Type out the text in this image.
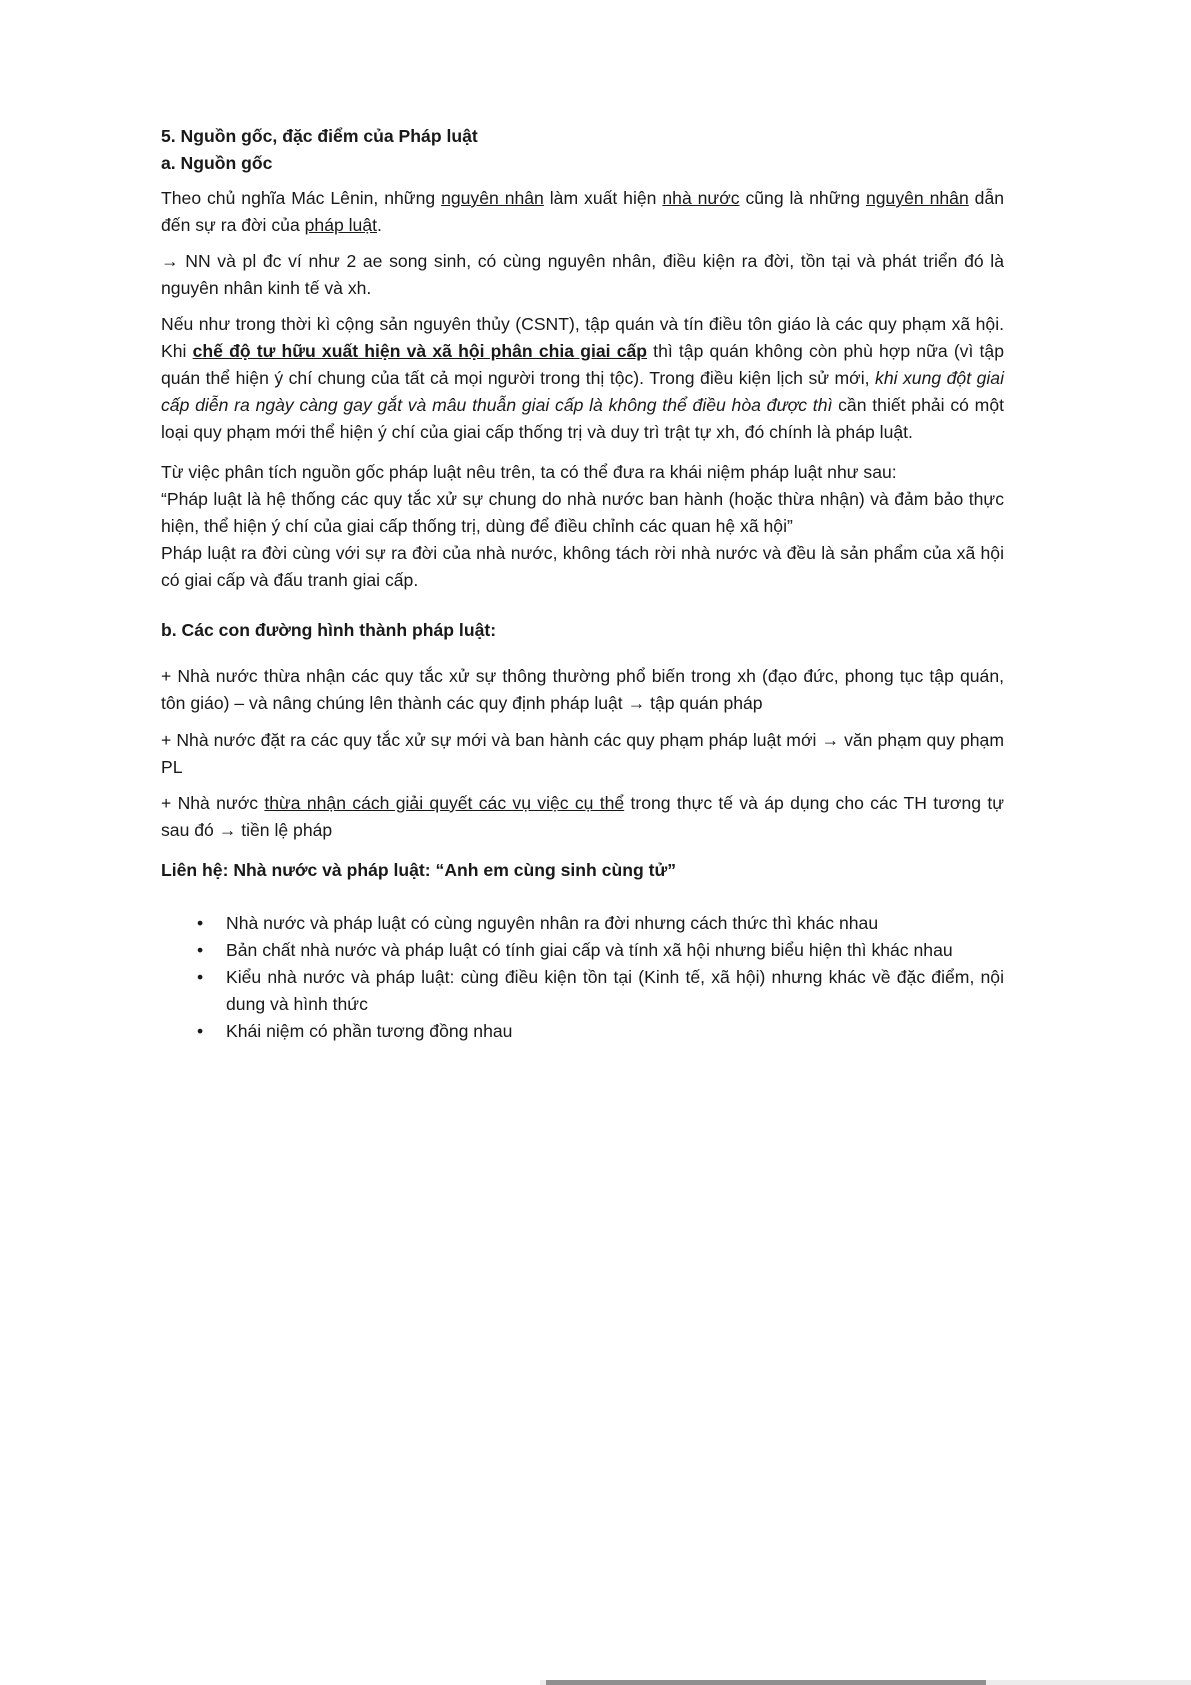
5. Nguồn gốc, đặc điểm của Pháp luật
a. Nguồn gốc

Theo chủ nghĩa Mác Lênin, những nguyên nhân làm xuất hiện nhà nước cũng là những nguyên nhân dẫn đến sự ra đời của pháp luật.

→ NN và pl đc ví như 2 ae song sinh, có cùng nguyên nhân, điều kiện ra đời, tồn tại và phát triển đó là nguyên nhân kinh tế và xh.

Nếu như trong thời kì cộng sản nguyên thủy (CSNT), tập quán và tín điều tôn giáo là các quy phạm xã hội. Khi chế độ tư hữu xuất hiện và xã hội phân chia giai cấp thì tập quán không còn phù hợp nữa (vì tập quán thể hiện ý chí chung của tất cả mọi người trong thị tộc). Trong điều kiện lịch sử mới, khi xung đột giai cấp diễn ra ngày càng gay gắt và mâu thuẫn giai cấp là không thể điều hòa được thì cần thiết phải có một loại quy phạm mới thể hiện ý chí của giai cấp thống trị và duy trì trật tự xh, đó chính là pháp luật.

Từ việc phân tích nguồn gốc pháp luật nêu trên, ta có thể đưa ra khái niệm pháp luật như sau:

“Pháp luật là hệ thống các quy tắc xử sự chung do nhà nước ban hành (hoặc thừa nhận) và đảm bảo thực hiện, thể hiện ý chí của giai cấp thống trị, dùng để điều chỉnh các quan hệ xã hội”

Pháp luật ra đời cùng với sự ra đời của nhà nước, không tách rời nhà nước và đều là sản phẩm của xã hội có giai cấp và đấu tranh giai cấp.

b. Các con đường hình thành pháp luật:

+ Nhà nước thừa nhận các quy tắc xử sự thông thường phổ biến trong xh (đạo đức, phong tục tập quán, tôn giáo) – và nâng chúng lên thành các quy định pháp luật → tập quán pháp

+ Nhà nước đặt ra các quy tắc xử sự mới và ban hành các quy phạm pháp luật mới → văn phạm quy phạm PL

+ Nhà nước thừa nhận cách giải quyết các vụ việc cụ thể trong thực tế và áp dụng cho các TH tương tự sau đó → tiền lệ pháp

Liên hệ: Nhà nước và pháp luật: “Anh em cùng sinh cùng tử”
• Nhà nước và pháp luật có cùng nguyên nhân ra đời nhưng cách thức thì khác nhau
• Bản chất nhà nước và pháp luật có tính giai cấp và tính xã hội nhưng biểu hiện thì khác nhau
• Kiểu nhà nước và pháp luật: cùng điều kiện tồn tại (Kinh tế, xã hội) nhưng khác về đặc điểm, nội dung và hình thức
• Khái niệm có phần tương đồng nhau
